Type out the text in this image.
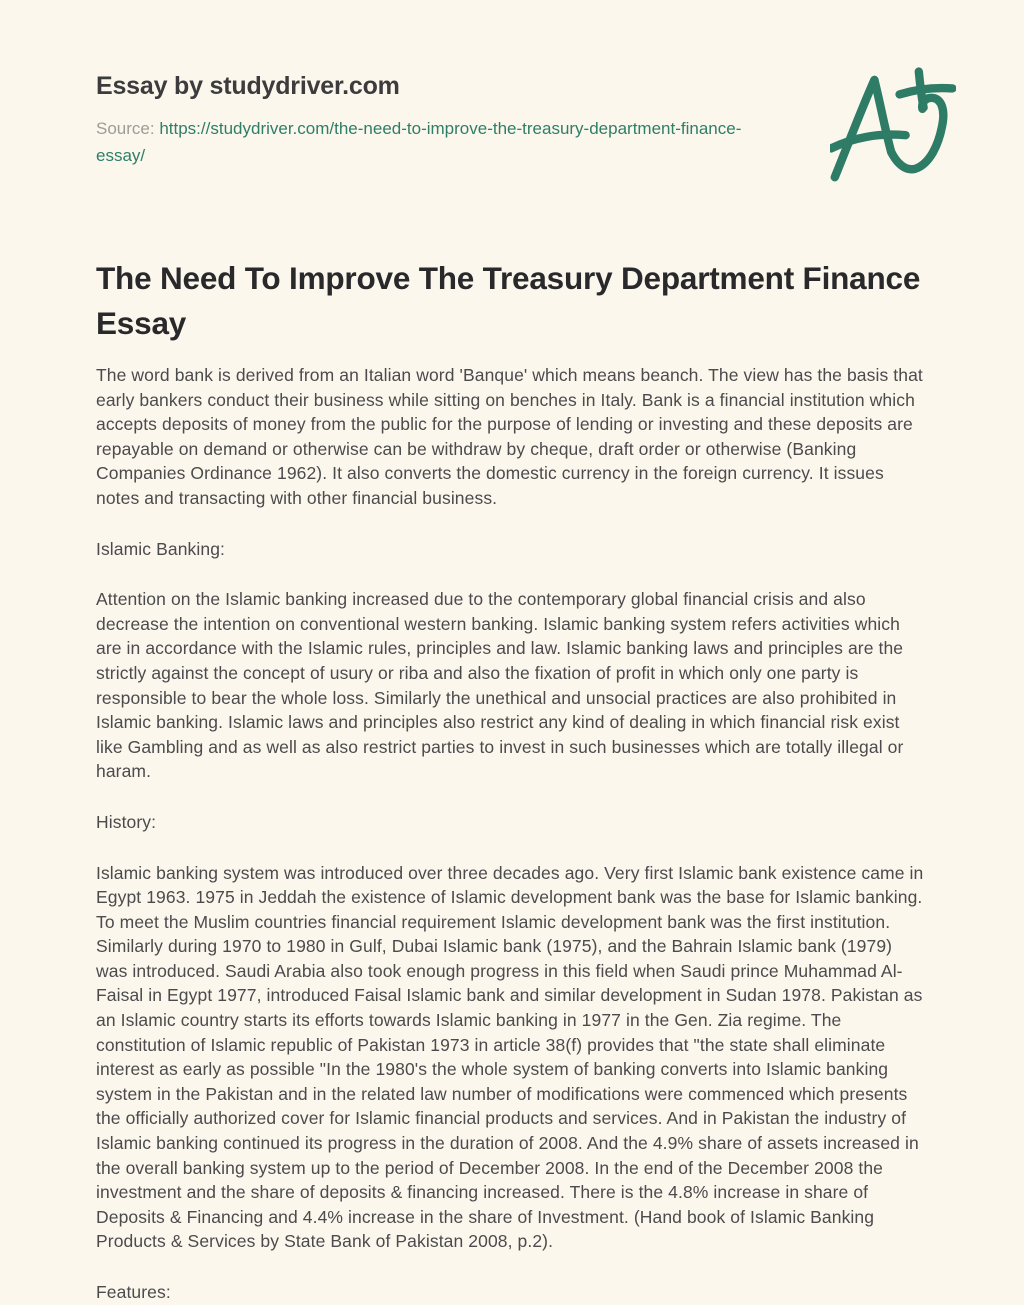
Essay by studydriver.com

Source: https://studydriver.com/the-need-to-improve-the-treasury-department-finance-essay/

The Need To Improve The Treasury Department Finance Essay

The word bank is derived from an Italian word 'Banque' which means beanch. The view has the basis that early bankers conduct their business while sitting on benches in Italy. Bank is a financial institution which accepts deposits of money from the public for the purpose of lending or investing and these deposits are repayable on demand or otherwise can be withdraw by cheque, draft order or otherwise (Banking Companies Ordinance 1962). It also converts the domestic currency in the foreign currency. It issues notes and transacting with other financial business.

Islamic Banking:

Attention on the Islamic banking increased due to the contemporary global financial crisis and also decrease the intention on conventional western banking. Islamic banking system refers activities which are in accordance with the Islamic rules, principles and law. Islamic banking laws and principles are the strictly against the concept of usury or riba and also the fixation of profit in which only one party is responsible to bear the whole loss. Similarly the unethical and unsocial practices are also prohibited in Islamic banking. Islamic laws and principles also restrict any kind of dealing in which financial risk exist like Gambling and as well as also restrict parties to invest in such businesses which are totally illegal or haram.

History:

Islamic banking system was introduced over three decades ago. Very first Islamic bank existence came in Egypt 1963. 1975 in Jeddah the existence of Islamic development bank was the base for Islamic banking. To meet the Muslim countries financial requirement Islamic development bank was the first institution. Similarly during 1970 to 1980 in Gulf, Dubai Islamic bank (1975), and the Bahrain Islamic bank (1979) was introduced. Saudi Arabia also took enough progress in this field when Saudi prince Muhammad Al-Faisal in Egypt 1977, introduced Faisal Islamic bank and similar development in Sudan 1978. Pakistan as an Islamic country starts its efforts towards Islamic banking in 1977 in the Gen. Zia regime. The constitution of Islamic republic of Pakistan 1973 in article 38(f) provides that "the state shall eliminate interest as early as possible "In the 1980's the whole system of banking converts into Islamic banking system in the Pakistan and in the related law number of modifications were commenced which presents the officially authorized cover for Islamic financial products and services. And in Pakistan the industry of Islamic banking continued its progress in the duration of 2008. And the 4.9% share of assets increased in the overall banking system up to the period of December 2008. In the end of the December 2008 the investment and the share of deposits & financing increased. There is the 4.8% increase in share of Deposits & Financing and 4.4% increase in the share of Investment. (Hand book of Islamic Banking Products & Services by State Bank of Pakistan 2008, p.2).

Features:
